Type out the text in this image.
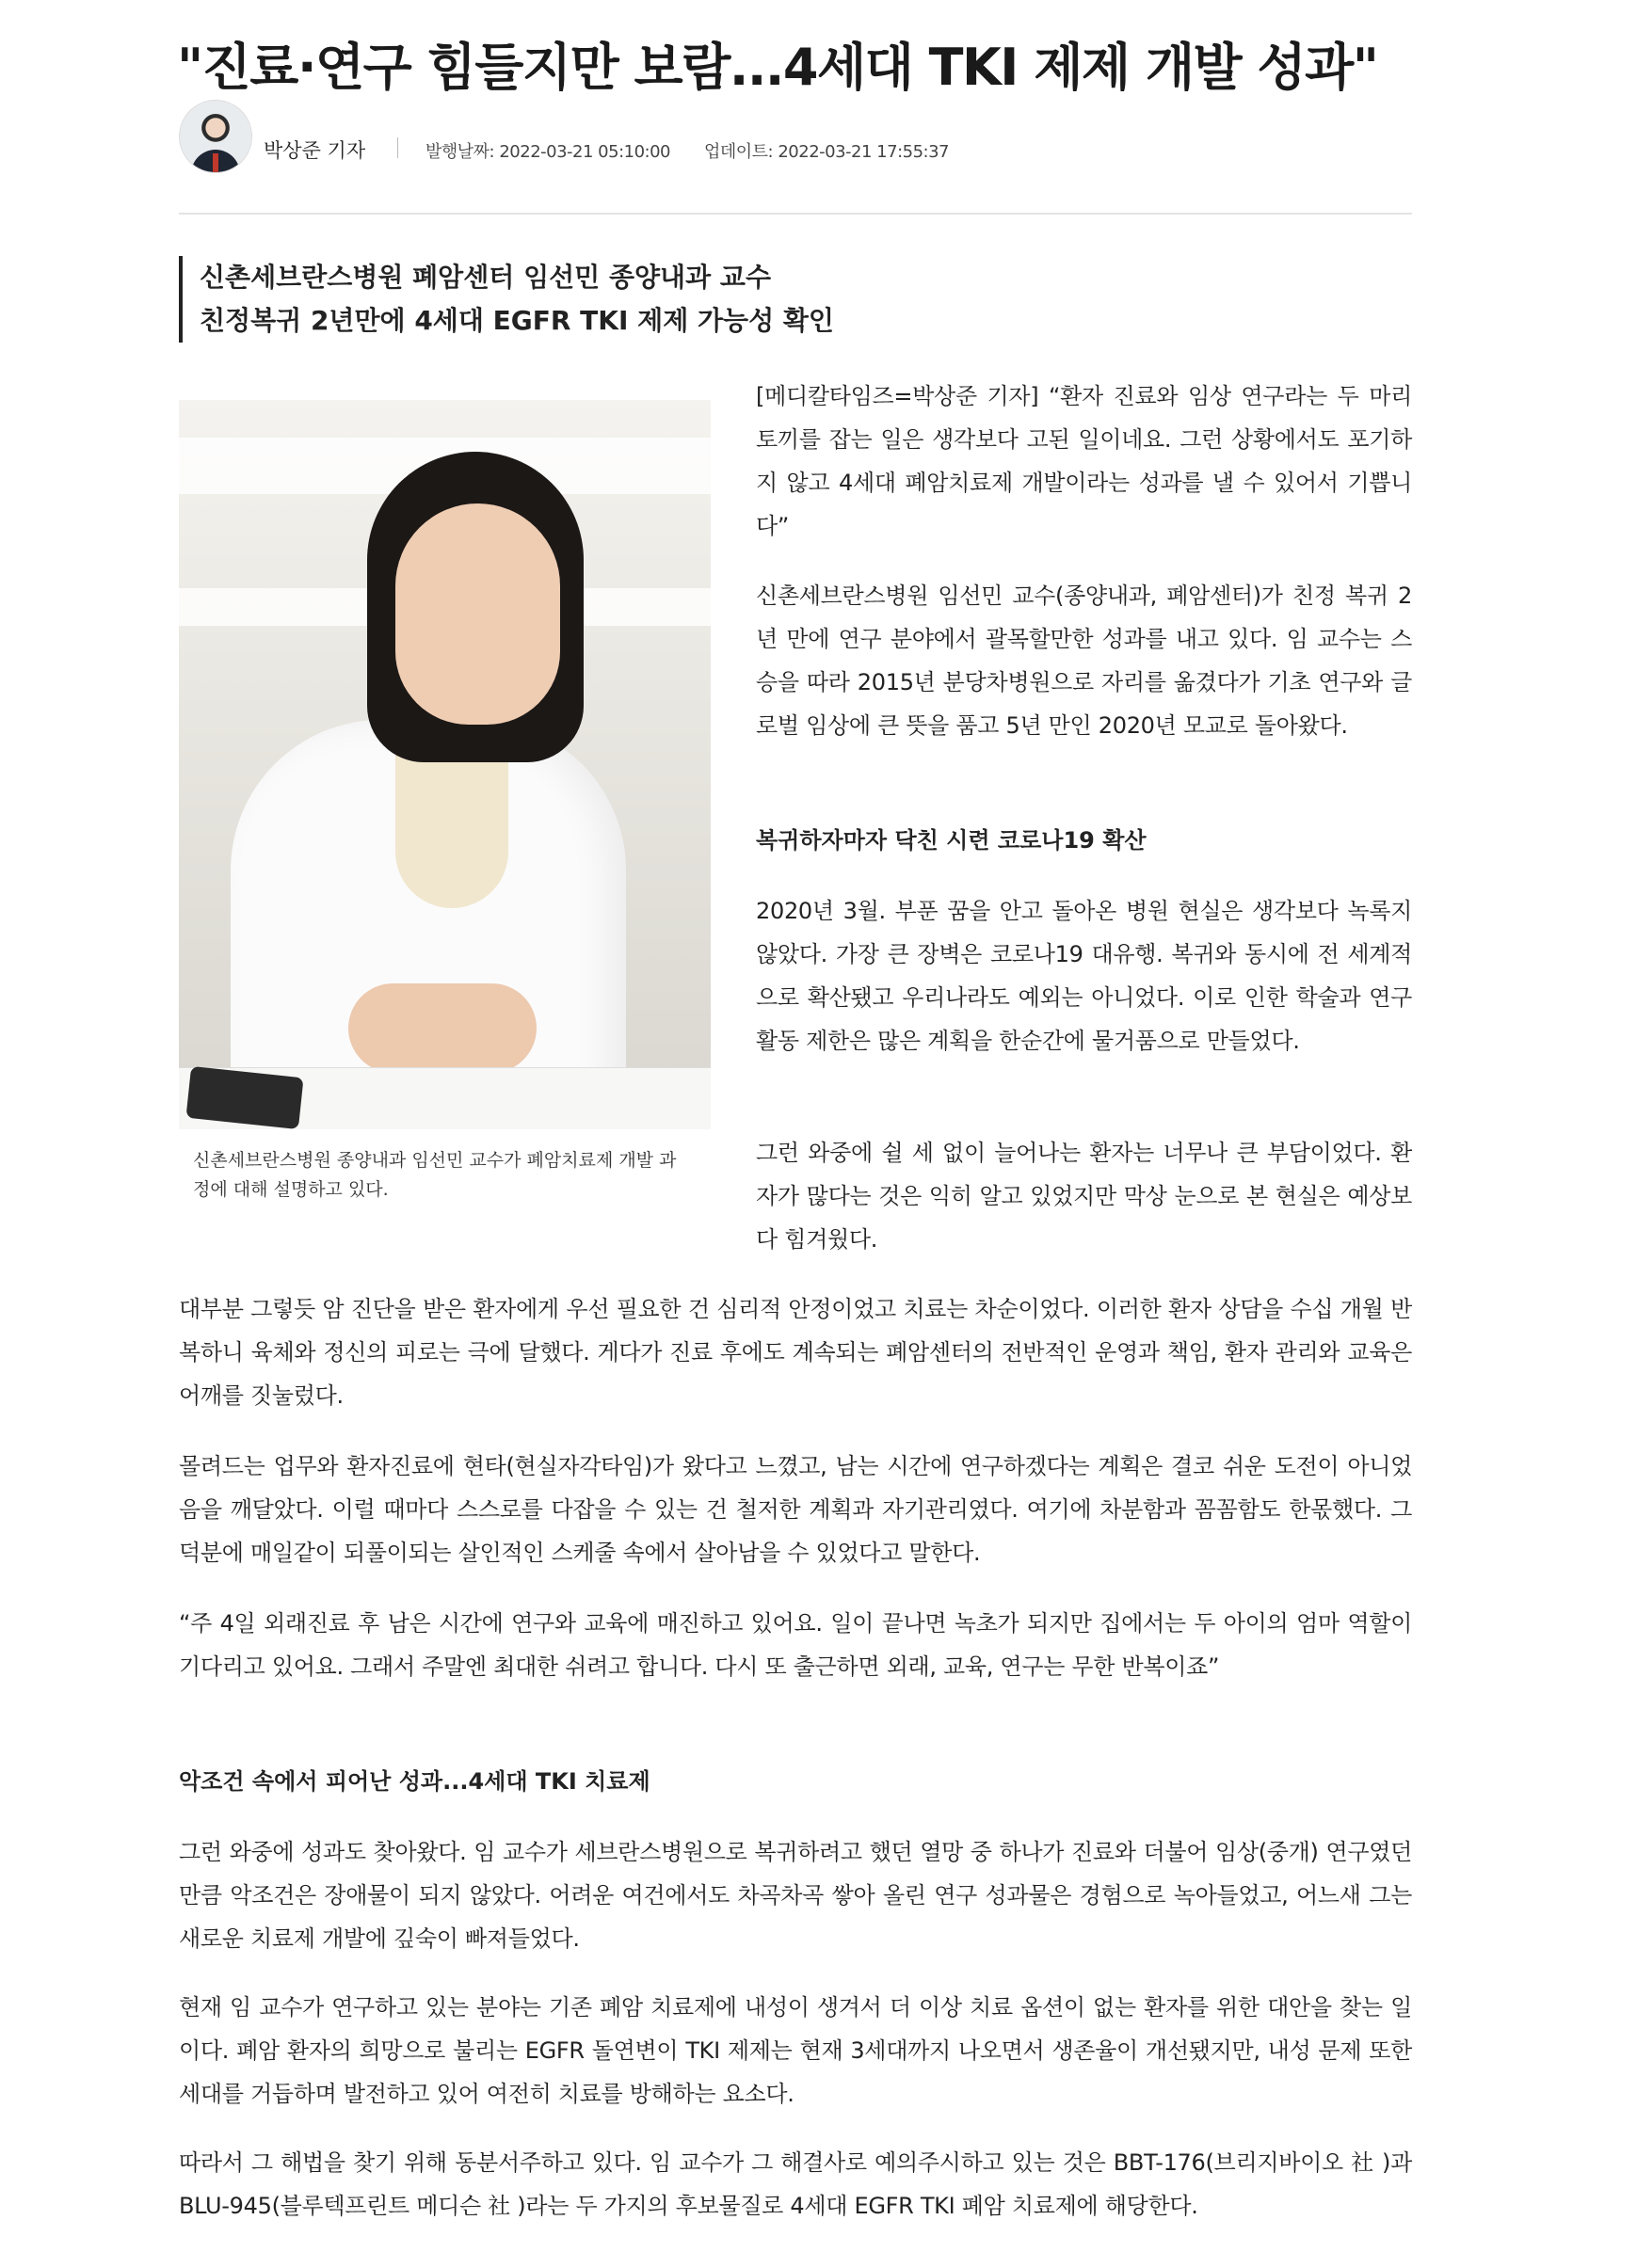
"진료·연구 힘들지만 보람...4세대 TKI 제제 개발 성과"
박상준 기자	발행날짜: 2022-03-21 05:10:00 업데이트: 2022-03-21 17:55:37
신촌세브란스병원 폐암센터 임선민 종양내과 교수
친정복귀 2년만에 4세대 EGFR TKI 제제 가능성 확인
신촌세브란스병원 종양내과 임선민 교수가 폐암치료제 개발 과정에 대해 설명하고 있다.

[메디칼타임즈=박상준 기자] “환자 진료와 임상 연구라는 두 마리 토끼를 잡는 일은 생각보다 고된 일이네요. 그런 상황에서도 포기하지 않고 4세대 폐암치료제 개발이라는 성과를 낼 수 있어서 기쁩니다”

신촌세브란스병원 임선민 교수(종양내과, 폐암센터)가 친정 복귀 2년 만에 연구 분야에서 괄목할만한 성과를 내고 있다. 임 교수는 스승을 따라 2015년 분당차병원으로 자리를 옮겼다가 기초 연구와 글로벌 임상에 큰 뜻을 품고 5년 만인 2020년 모교로 돌아왔다.

복귀하자마자 닥친 시련 코로나19 확산

2020년 3월. 부푼 꿈을 안고 돌아온 병원 현실은 생각보다 녹록지 않았다. 가장 큰 장벽은 코로나19 대유행. 복귀와 동시에 전 세계적으로 확산됐고 우리나라도 예외는 아니었다. 이로 인한 학술과 연구 활동 제한은 많은 계획을 한순간에 물거품으로 만들었다.

그런 와중에 쉴 세 없이 늘어나는 환자는 너무나 큰 부담이었다. 환자가 많다는 것은 익히 알고 있었지만 막상 눈으로 본 현실은 예상보다 힘겨웠다.

대부분 그렇듯 암 진단을 받은 환자에게 우선 필요한 건 심리적 안정이었고 치료는 차순이었다. 이러한 환자 상담을 수십 개월 반복하니 육체와 정신의 피로는 극에 달했다. 게다가 진료 후에도 계속되는 폐암센터의 전반적인 운영과 책임, 환자 관리와 교육은 어깨를 짓눌렀다.

몰려드는 업무와 환자진료에 현타(현실자각타임)가 왔다고 느꼈고, 남는 시간에 연구하겠다는 계획은 결코 쉬운 도전이 아니었음을 깨달았다. 이럴 때마다 스스로를 다잡을 수 있는 건 철저한 계획과 자기관리였다. 여기에 차분함과 꼼꼼함도 한몫했다. 그 덕분에 매일같이 되풀이되는 살인적인 스케줄 속에서 살아남을 수 있었다고 말한다.

“주 4일 외래진료 후 남은 시간에 연구와 교육에 매진하고 있어요. 일이 끝나면 녹초가 되지만 집에서는 두 아이의 엄마 역할이 기다리고 있어요. 그래서 주말엔 최대한 쉬려고 합니다. 다시 또 출근하면 외래, 교육, 연구는 무한 반복이죠”

악조건 속에서 피어난 성과...4세대 TKI 치료제

그런 와중에 성과도 찾아왔다. 임 교수가 세브란스병원으로 복귀하려고 했던 열망 중 하나가 진료와 더불어 임상(중개) 연구였던 만큼 악조건은 장애물이 되지 않았다. 어려운 여건에서도 차곡차곡 쌓아 올린 연구 성과물은 경험으로 녹아들었고, 어느새 그는 새로운 치료제 개발에 깊숙이 빠져들었다.

현재 임 교수가 연구하고 있는 분야는 기존 폐암 치료제에 내성이 생겨서 더 이상 치료 옵션이 없는 환자를 위한 대안을 찾는 일이다. 폐암 환자의 희망으로 불리는 EGFR 돌연변이 TKI 제제는 현재 3세대까지 나오면서 생존율이 개선됐지만, 내성 문제 또한 세대를 거듭하며 발전하고 있어 여전히 치료를 방해하는 요소다.

따라서 그 해법을 찾기 위해 동분서주하고 있다. 임 교수가 그 해결사로 예의주시하고 있는 것은 BBT-176(브리지바이오 社 )과 BLU-945(블루텍프린트 메디슨 社 )라는 두 가지의 후보물질로 4세대 EGFR TKI 폐암 치료제에 해당한다.
